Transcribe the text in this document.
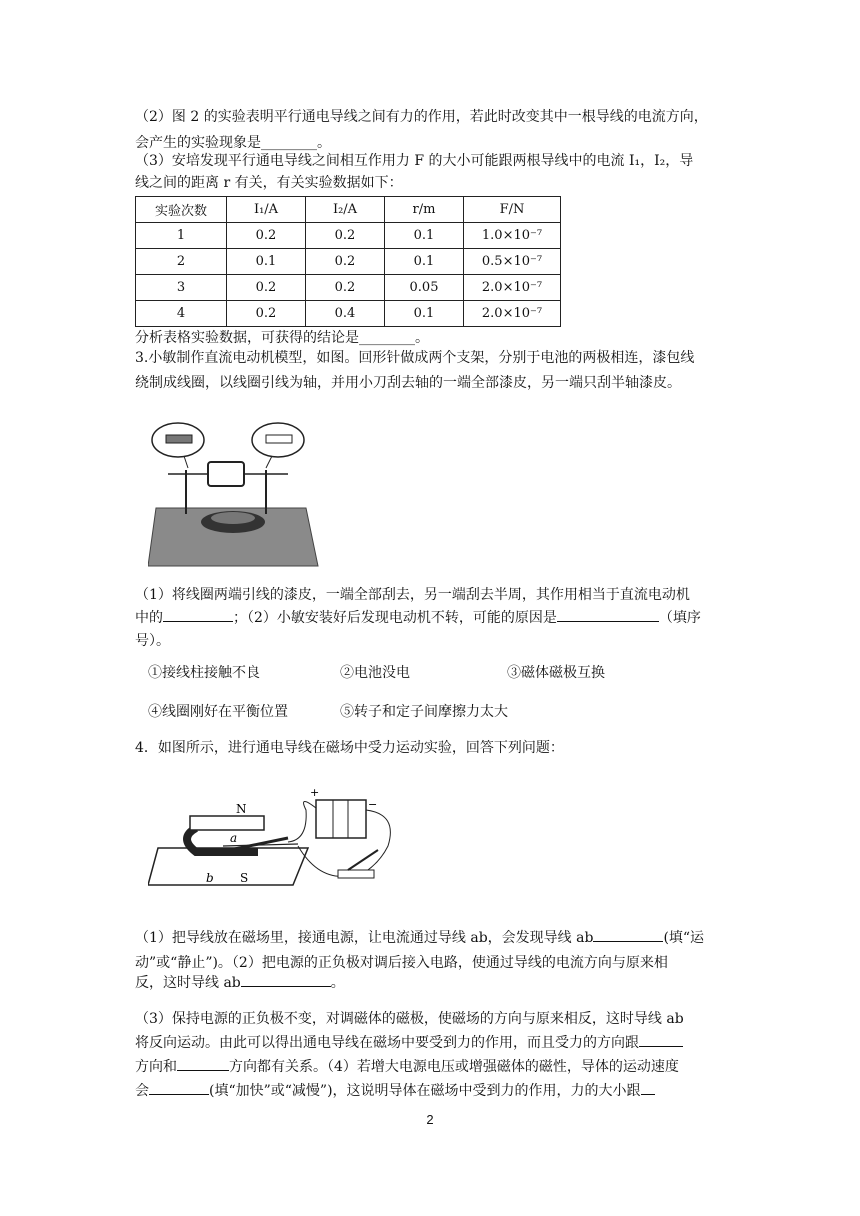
（2）图 2 的实验表明平行通电导线之间有力的作用，若此时改变其中一根导线的电流方向，

会产生的实验现象是________。

（3）安培发现平行通电导线之间相互作用力 F 的大小可能跟两根导线中的电流 I₁，I₂，导

线之间的距离 r 有关，有关实验数据如下：

实验次数	I₁/A	I₂/A	r/m	F/N
1	0.2	0.2	0.1	1.0×10⁻⁷
2	0.1	0.2	0.1	0.5×10⁻⁷
3	0.2	0.2	0.05	2.0×10⁻⁷
4	0.2	0.4	0.1	2.0×10⁻⁷

分析表格实验数据，可获得的结论是________。

3.小敏制作直流电动机模型，如图。回形针做成两个支架，分别于电池的两极相连，漆包线

绕制成线圈，以线圈引线为轴，并用小刀刮去轴的一端全部漆皮，另一端只刮半轴漆皮。

（1）将线圈两端引线的漆皮，一端全部刮去，另一端刮去半周，其作用相当于直流电动机

中的	；（2）小敏安装好后发现电动机不转，可能的原因是	（填序

号）。

①接线柱接触不良	②电池没电	③磁体磁极互换
④线圈刚好在平衡位置	⑤转子和定子间摩擦力太大

4．如图所示，进行通电导线在磁场中受力运动实验，回答下列问题：

N
a
b S
+
−

（1）把导线放在磁场里，接通电源，让电流通过导线 ab，会发现导线 ab	(填“运

动”或“静止”)。（2）把电源的正负极对调后接入电路，使通过导线的电流方向与原来相

反，这时导线 ab	。

（3）保持电源的正负极不变，对调磁体的磁极，使磁场的方向与原来相反，这时导线 ab

将反向运动。由此可以得出通电导线在磁场中要受到力的作用，而且受力的方向跟

方向和	方向都有关系。（4）若增大电源电压或增强磁体的磁性，导体的运动速度

会	(填“加快”或“减慢”)，这说明导体在磁场中受到力的作用，力的大小跟

2
